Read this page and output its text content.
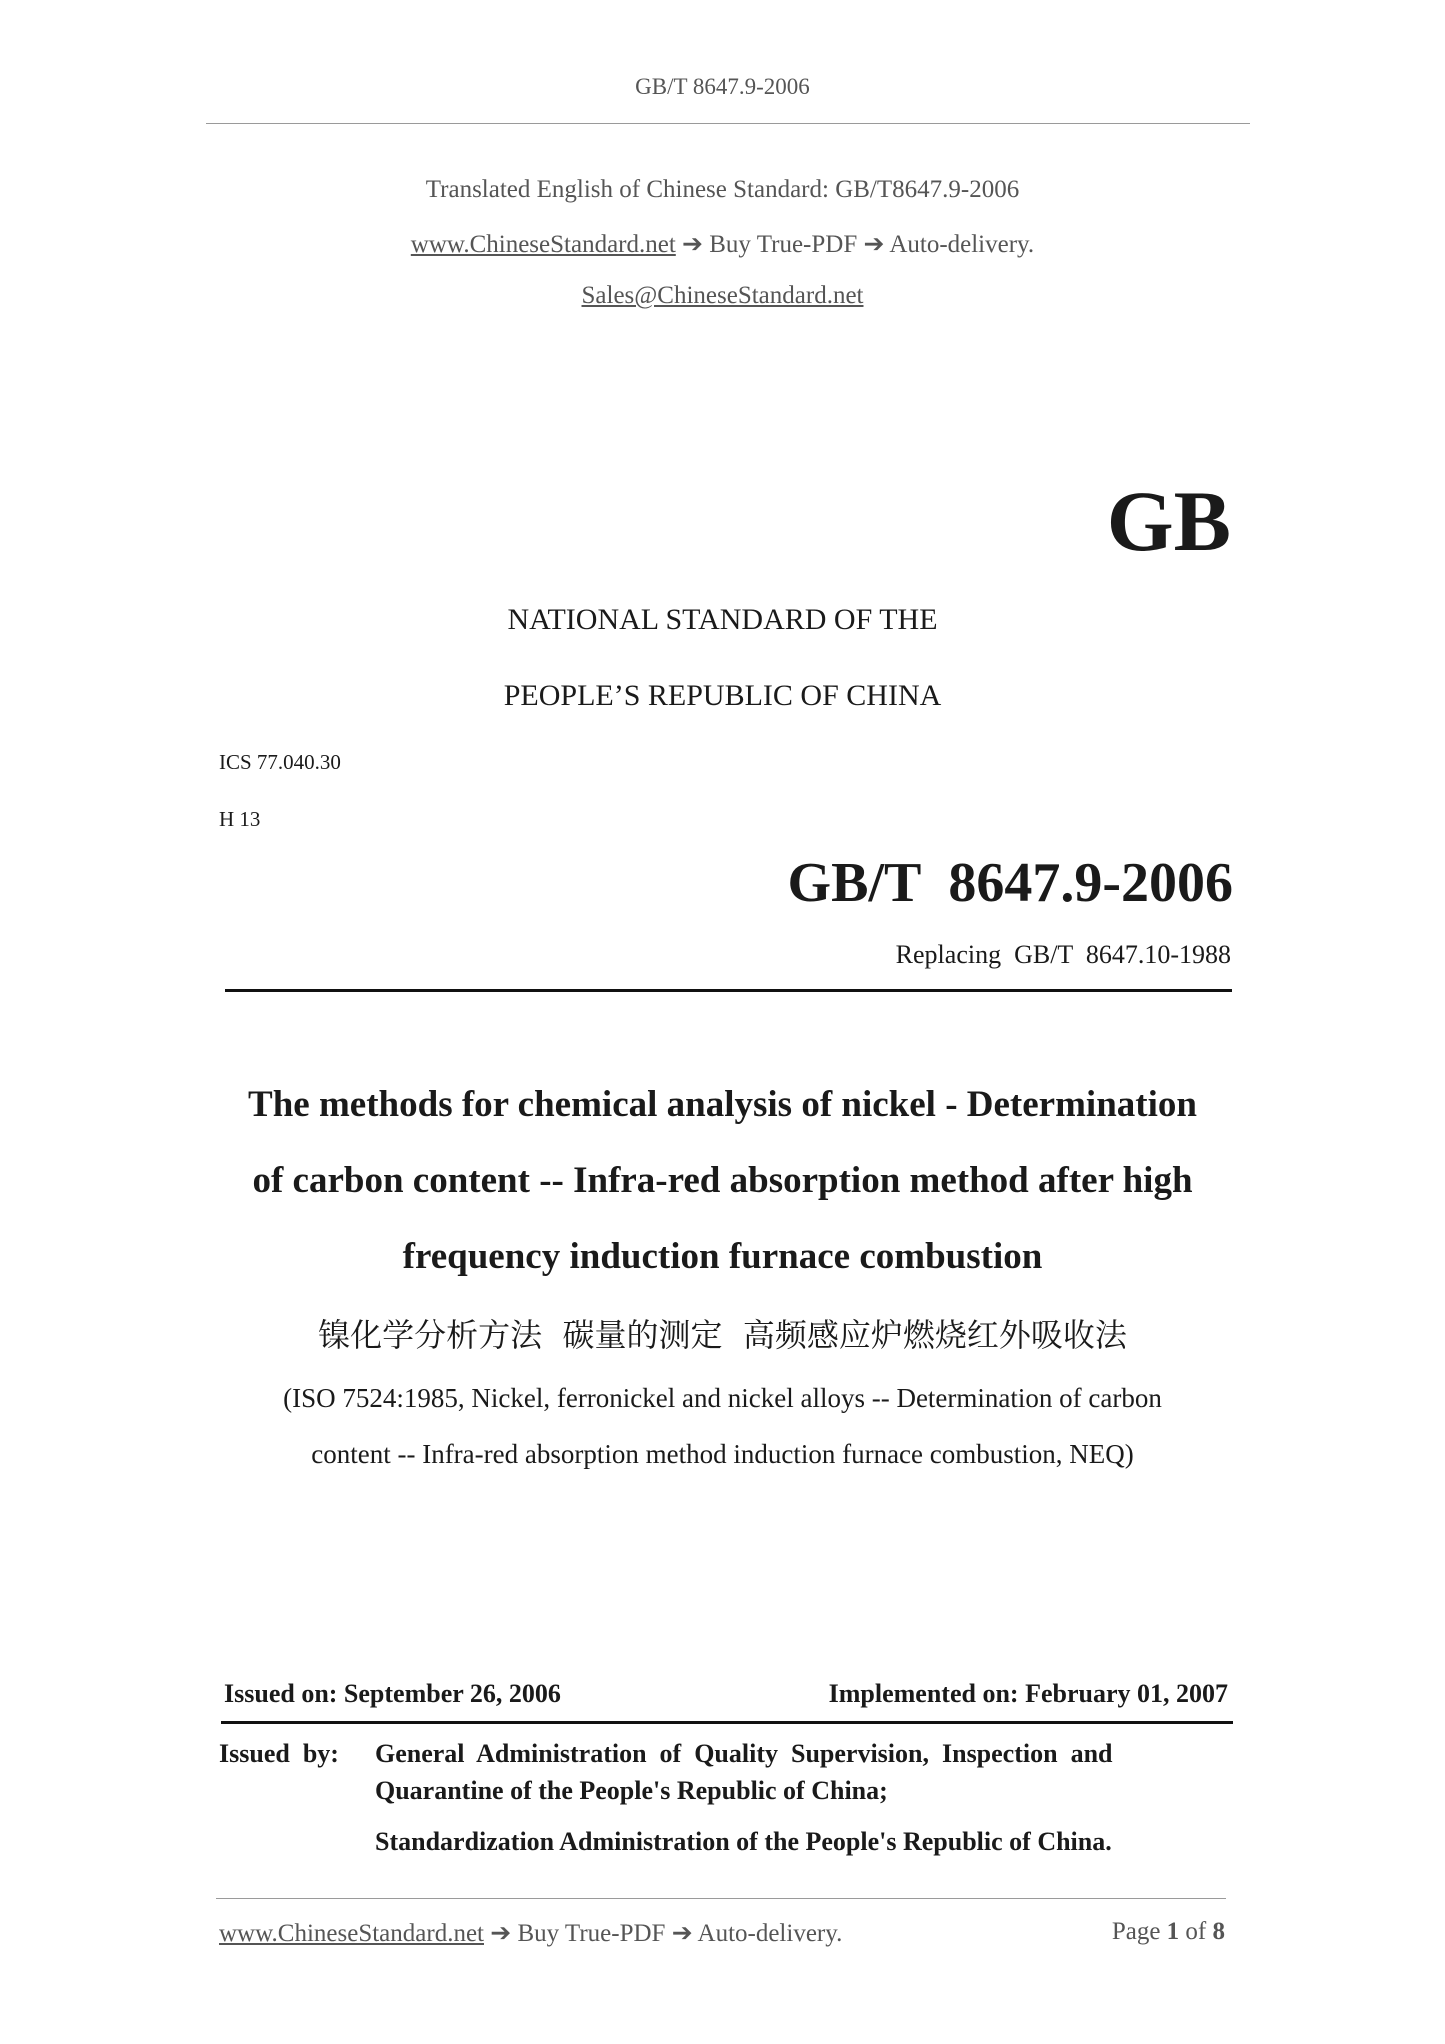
GB/T 8647.9-2006
Translated English of Chinese Standard: GB/T8647.9-2006
www.ChineseStandard.net ➔ Buy True-PDF ➔ Auto-delivery.
Sales@ChineseStandard.net
GB
NATIONAL STANDARD OF THE
PEOPLE’S REPUBLIC OF CHINA
ICS 77.040.30
H 13
GB/T  8647.9-2006
Replacing  GB/T  8647.10-1988
The methods for chemical analysis of nickel - Determination
of carbon content -- Infra-red absorption method after high
frequency induction furnace combustion
镍化学分析方法  碳量的测定  高频感应炉燃烧红外吸收法
(ISO 7524:1985, Nickel, ferronickel and nickel alloys -- Determination of carbon
content -- Infra-red absorption method induction furnace combustion, NEQ)
Issued on: September 26, 2006	Implemented on: February 01, 2007
Issued  by: General  Administration  of  Quality  Supervision,  Inspection  and
Quarantine of the People's Republic of China;
Standardization Administration of the People's Republic of China.
www.ChineseStandard.net ➔ Buy True-PDF ➔ Auto-delivery.	Page 1 of 8
